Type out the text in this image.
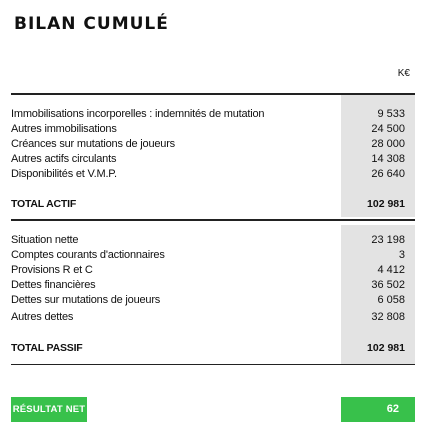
BILAN CUMULÉ
K€
Immobilisations incorporelles : indemnités de mutation	9 533
Autres immobilisations	24 500
Créances sur mutations de joueurs	28 000
Autres actifs circulants	14 308
Disponibilités et V.M.P.	26 640
TOTAL ACTIF	102 981
Situation nette	23 198
Comptes courants d'actionnaires	3
Provisions R et C	4 412
Dettes financières	36 502
Dettes sur mutations de joueurs	6 058
Autres dettes	32 808
TOTAL PASSIF	102 981
RÉSULTAT NET	62
